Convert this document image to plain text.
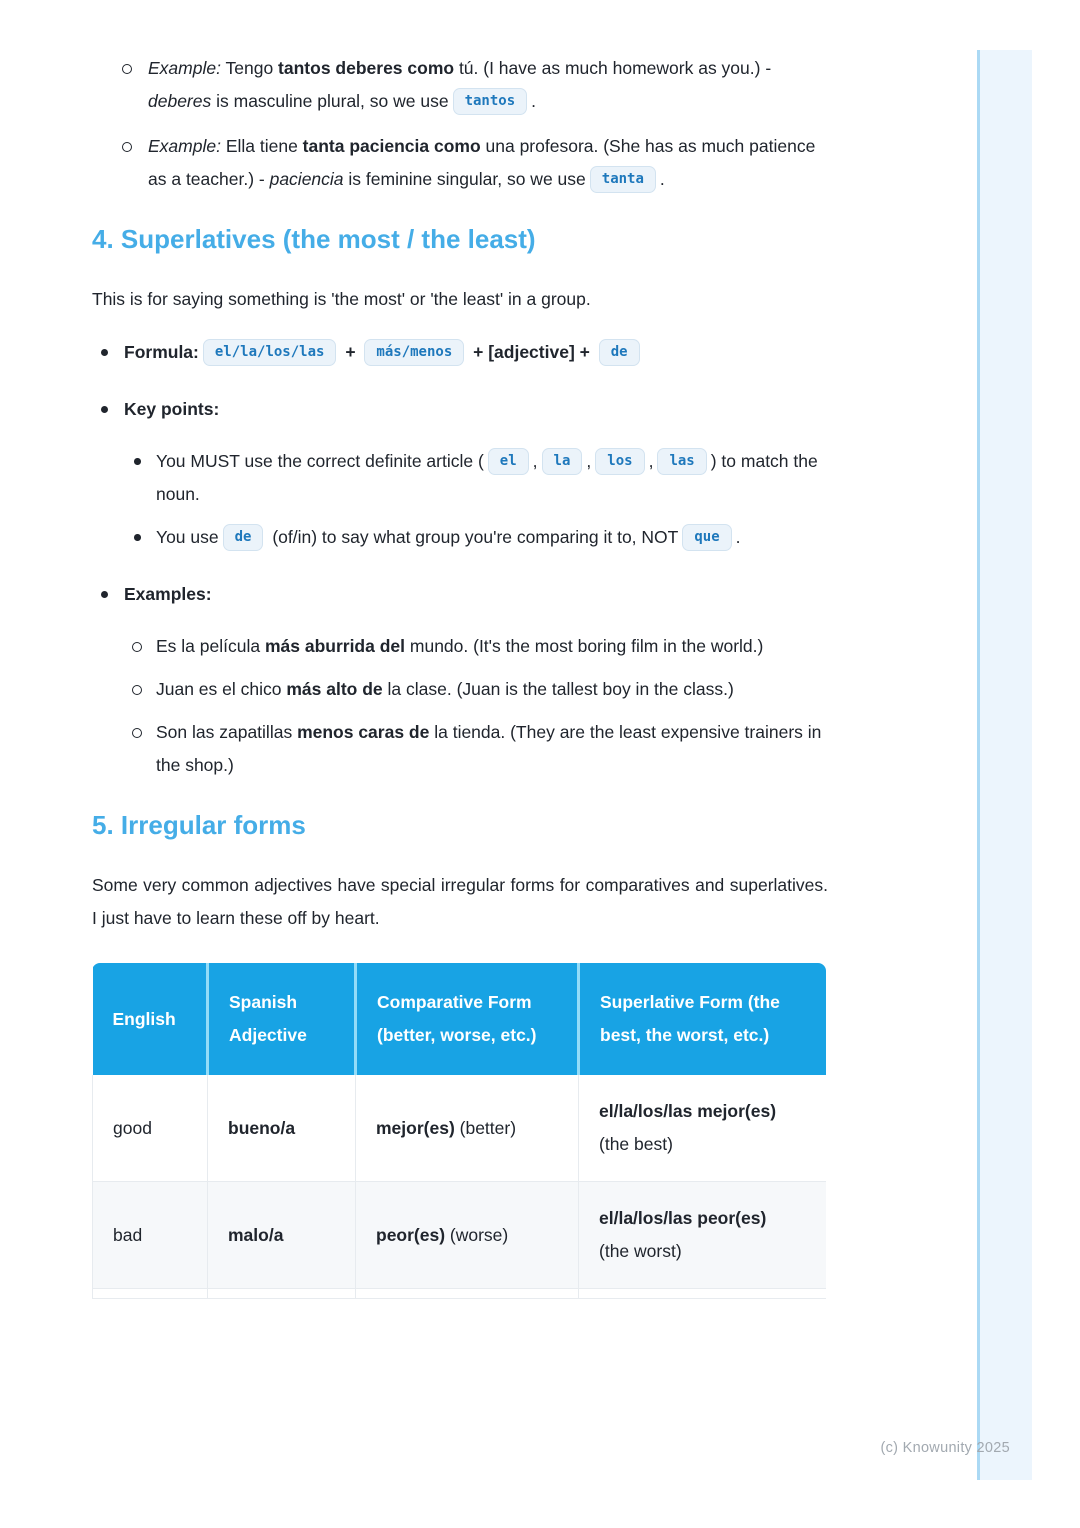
Example: Tengo tantos deberes como tú. (I have as much homework as you.) - deberes is masculine plural, so we use tantos .
Example: Ella tiene tanta paciencia como una profesora. (She has as much patience as a teacher.) - paciencia is feminine singular, so we use tanta .
4. Superlatives (the most / the least)

This is for saying something is 'the most' or 'the least' in a group.

Formula: el/la/los/las + más/menos + [adjective] + de
Key points:
You MUST use the correct definite article ( el , la , los , las ) to match the noun.
You use de (of/in) to say what group you're comparing it to, NOT que .
Examples:
Es la película más aburrida del mundo. (It's the most boring film in the world.)
Juan es el chico más alto de la clase. (Juan is the tallest boy in the class.)
Son las zapatillas menos caras de la tienda. (They are the least expensive trainers in the shop.)
5. Irregular forms

Some very common adjectives have special irregular forms for comparatives and superlatives. I just have to learn these off by heart.

English	Spanish Adjective	Comparative Form (better, worse, etc.)	Superlative Form (the best, the worst, etc.)
good	bueno/a	mejor(es) (better)	el/la/los/las mejor(es)
(the best)

bad	malo/a	peor(es) (worse)	el/la/los/las peor(es)
(the worst)

(c) Knowunity 2025
